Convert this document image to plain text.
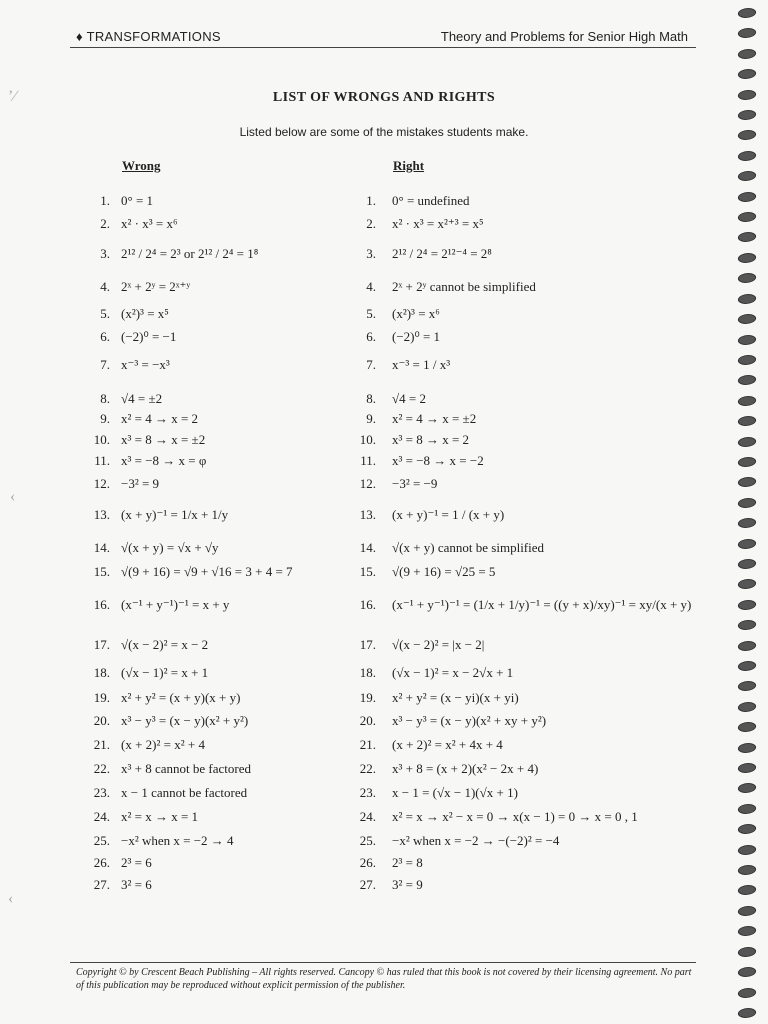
♦ TRANSFORMATIONS	Theory and Problems for Senior High Math
LIST OF WRONGS AND RIGHTS
Listed below are some of the mistakes students make.
Wrong	Right
1. 0° = 1	1. 0° = undefined
2. x² · x³ = x⁶	2. x² · x³ = x²⁺³ = x⁵
3. 2¹² / 2⁴ = 2³ or 2¹² / 2⁴ = 1⁸	3. 2¹² / 2⁴ = 2¹²⁻⁴ = 2⁸
4. 2ˣ + 2ʸ = 2ˣ⁺ʸ	4. 2ˣ + 2ʸ cannot be simplified
5. (x²)³ = x⁵	5. (x²)³ = x⁶
6. (−2)⁰ = −1	6. (−2)⁰ = 1
7. x⁻³ = −x³	7. x⁻³ = 1 / x³
8. √4 = ±2	8. √4 = 2
9. x² = 4 → x = 2	9. x² = 4 → x = ±2
10. x³ = 8 → x = ±2	10. x³ = 8 → x = 2
11. x³ = −8 → x = φ	11. x³ = −8 → x = −2
12. −3² = 9	12. −3² = −9
13. (x + y)⁻¹ = 1/x + 1/y	13. (x + y)⁻¹ = 1 / (x + y)
14. √(x + y) = √x + √y	14. √(x + y) cannot be simplified
15. √(9 + 16) = √9 + √16 = 3 + 4 = 7	15. √(9 + 16) = √25 = 5
16. (x⁻¹ + y⁻¹)⁻¹ = x + y	16. (x⁻¹ + y⁻¹)⁻¹ = (1/x + 1/y)⁻¹ = ((y + x)/xy)⁻¹ = xy/(x + y)
17. √(x − 2)² = x − 2	17. √(x − 2)² = |x − 2|
18. (√x − 1)² = x + 1	18. (√x − 1)² = x − 2√x + 1
19. x² + y² = (x + y)(x + y)	19. x² + y² = (x − yi)(x + yi)
20. x³ − y³ = (x − y)(x² + y²)	20. x³ − y³ = (x − y)(x² + xy + y²)
21. (x + 2)² = x² + 4	21. (x + 2)² = x² + 4x + 4
22. x³ + 8 cannot be factored	22. x³ + 8 = (x + 2)(x² − 2x + 4)
23. x − 1 cannot be factored	23. x − 1 = (√x − 1)(√x + 1)
24. x² = x → x = 1	24. x² = x → x² − x = 0 → x(x − 1) = 0 → x = 0 , 1
25. −x² when x = −2 → 4	25. −x² when x = −2 → −(−2)² = −4
26. 2³ = 6	26. 2³ = 8
27. 3² = 6	27. 3² = 9
Copyright © by Crescent Beach Publishing – All rights reserved. Cancopy © has ruled that this book is not covered by their licensing agreement. No part of this publication may be reproduced without explicit permission of the publisher.
ʼ⁄
‹
‹
